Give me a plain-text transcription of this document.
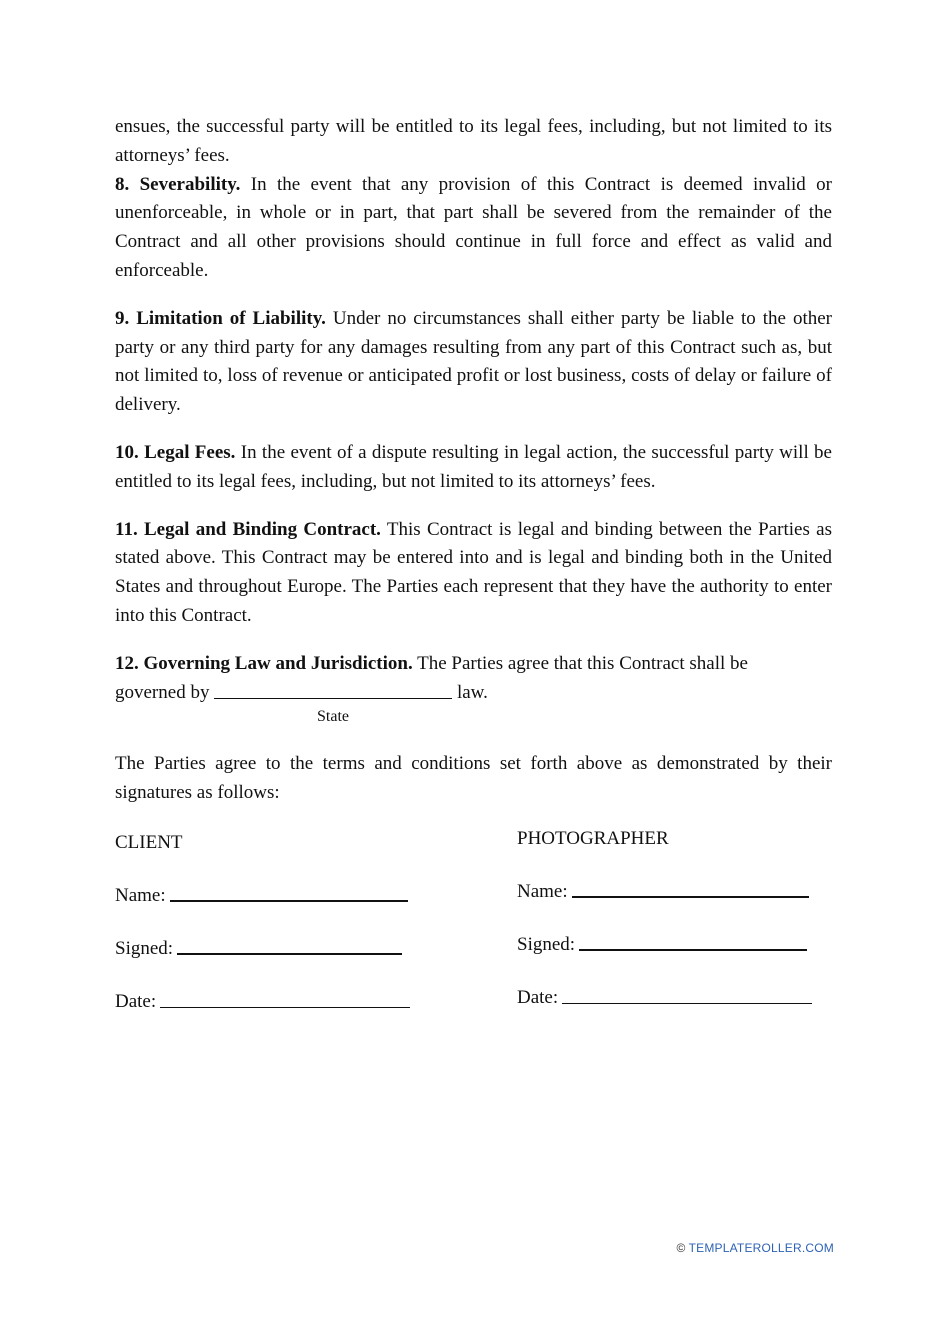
ensues, the successful party will be entitled to its legal fees, including, but not limited to its attorneys’ fees.

8. Severability. In the event that any provision of this Contract is deemed invalid or unenforceable, in whole or in part, that part shall be severed from the remainder of the Contract and all other provisions should continue in full force and effect as valid and enforceable.

9. Limitation of Liability. Under no circumstances shall either party be liable to the other party or any third party for any damages resulting from any part of this Contract such as, but not limited to, loss of revenue or anticipated profit or lost business, costs of delay or failure of delivery.

10. Legal Fees. In the event of a dispute resulting in legal action, the successful party will be entitled to its legal fees, including, but not limited to its attorneys’ fees.

11. Legal and Binding Contract. This Contract is legal and binding between the Parties as stated above. This Contract may be entered into and is legal and binding both in the United States and throughout Europe. The Parties each represent that they have the authority to enter into this Contract.

12. Governing Law and Jurisdiction. The Parties agree that this Contract shall be

governed by	law.

State

The Parties agree to the terms and conditions set forth above as demonstrated by their signatures as follows:

CLIENT
Name:
Signed:
Date:
PHOTOGRAPHER
Name:
Signed:
Date:
© TEMPLATEROLLER.COM
